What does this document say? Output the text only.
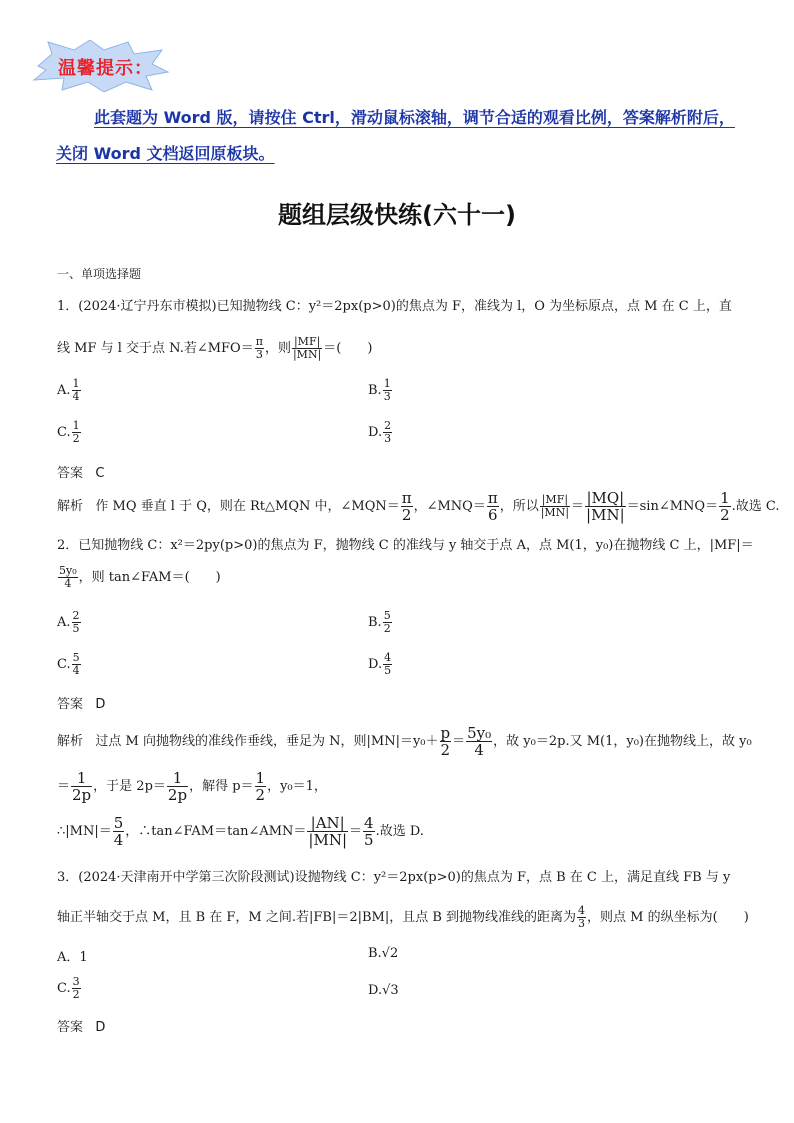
温馨提示：
此套题为 Word 版，请按住 Ctrl，滑动鼠标滚轴，调节合适的观看比例，答案解析附后，关闭 Word 文档返回原板块。
题组层级快练(六十一)
一、单项选择题
1．(2024·辽宁丹东市模拟)已知抛物线 C：y²＝2px(p>0)的焦点为 F，准线为 l，O 为坐标原点，点 M 在 C 上，直
线 MF 与 l 交于点 N.若∠MFO＝ $\frac{\pi}{3}$ ，则 $\frac{|MF|}{|MN|}$ ＝(　　)
A. $\frac{1}{4}$	B. $\frac{1}{3}$
C. $\frac{1}{2}$	D. $\frac{2}{3}$
答案 C
解析 作 MQ 垂直 l 于 Q，则在 Rt△MQN 中，∠MQN＝ $\frac{\pi}{2}$ ，∠MNQ＝ $\frac{\pi}{6}$ ，所以 $\frac{|MF|}{|MN|} = \frac{|MQ|}{|MN|}$ ＝sin∠MNQ＝ $\frac{1}{2}$ .故选 C.
2．已知抛物线 C：x²＝2py(p>0)的焦点为 F，抛物线 C 的准线与 y 轴交于点 A，点 M(1，y₀)在抛物线 C 上，|MF|＝
$\frac{\text{5y₀}}{4}$ ，则 tan∠FAM＝(　　)
A. $\frac{2}{5}$	B. $\frac{5}{2}$
C. $\frac{5}{4}$	D. $\frac{4}{5}$
答案 D
解析 过点 M 向抛物线的准线作垂线，垂足为 N，则$|MN|=y_0+ \frac{p}{2} = \frac{\text{5y₀}}{4}$ ，故 y₀＝2p.又 M(1，y₀)在抛物线上，故 y₀
＝ $\frac{1}{2p}$ ，于是 $2p= \frac{1}{2p}$ ，解得 $p= \frac{1}{2}$ ，y₀＝1，
∴|MN|＝ $\frac{5}{4}$ ，∴tan∠FAM＝tan∠AMN＝ $\frac{|AN|}{|MN|} = \frac{4}{5}$ .故选 D.
3．(2024·天津南开中学第三次阶段测试)设抛物线 C：y²＝2px(p>0)的焦点为 F，点 B 在 C 上，满足直线 FB 与 y
轴正半轴交于点 M，且 B 在 F，M 之间.若|FB|＝2|BM|，且点 B 到抛物线准线的距离为 $\frac{4}{3}$ ，则点 M 的纵坐标为(　　)
A．1	B.√2
C. $\frac{3}{2}$	D.√3
答案 D
